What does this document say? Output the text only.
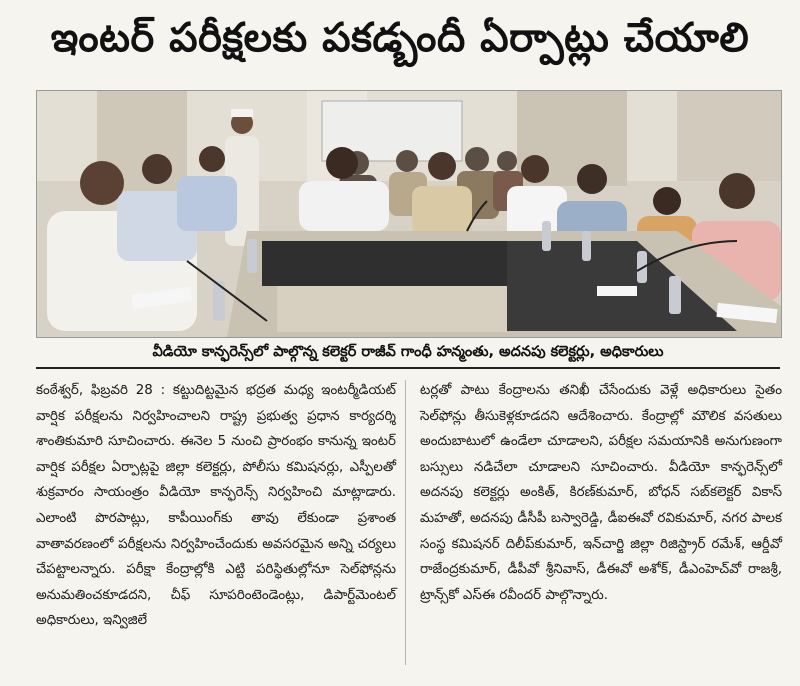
ఇంటర్ పరీక్షలకు పకడ్బందీ ఏర్పాట్లు చేయాలి
వీడియో కాన్ఫరెన్స్‌లో పాల్గొన్న కలెక్టర్ రాజీవ్ గాంధీ హన్మంతు, అదనపు కలెక్టర్లు, అధికారులు

కంఠేశ్వర్, ఫిబ్రవరి 28 : కట్టుదిట్టమైన భద్రత మధ్య ఇంటర్మీడియట్ వార్షిక పరీక్షలను నిర్వహించాలని రాష్ట్ర ప్రభుత్వ ప్రధాన కార్యదర్శి శాంతికుమారి సూచించారు. ఈనెల 5 నుంచి ప్రారంభం కానున్న ఇంటర్ వార్షిక పరీక్షల ఏర్పాట్లపై జిల్లా కలెక్టర్లు, పోలీసు కమిషనర్లు, ఎస్పీలతో శుక్రవారం సాయంత్రం వీడియో కాన్ఫరెన్స్ నిర్వహించి మాట్లాడారు. ఎలాంటి పొరపాట్లు, కాపీయింగ్‌కు తావు లేకుండా ప్రశాంత వాతావరణంలో పరీక్షలను నిర్వహించేందుకు అవసరమైన అన్ని చర్యలు చేపట్టాలన్నారు. పరీక్షా కేంద్రాల్లోకి ఎట్టి పరిస్థితుల్లోనూ సెల్‌ఫోన్లను అనుమతించకూడదని, చీఫ్ సూపరింటెండెంట్లు, డిపార్ట్‌మెంటల్ అధికారులు, ఇన్విజిలే

టర్లతో పాటు కేంద్రాలను తనిఖీ చేసేందుకు వెళ్లే అధికారులు సైతం సెల్‌ఫోన్లు తీసుకెళ్లకూడదని ఆదేశించారు. కేంద్రాల్లో మౌలిక వసతులు అందుబాటులో ఉండేలా చూడాలని, పరీక్షల సమయానికి అనుగుణంగా బస్సులు నడిచేలా చూడాలని సూచించారు. వీడియో కాన్ఫరెన్స్‌లో అదనపు కలెక్టర్లు అంకిత్, కిరణ్‌కుమార్, బోధన్ సబ్‌కలెక్టర్ వికాస్ మహతో, అదనపు డీసీపీ బస్వారెడ్డి, డీఐఈవో రవికుమార్, నగర పాలక సంస్థ కమిషనర్ దిలీప్‌కుమార్, ఇన్‌చార్జి జిల్లా రిజిస్ట్రార్ రమేశ్, ఆర్డీవో రాజేంద్రకుమార్, డీపీవో శ్రీనివాస్, డీఈవో అశోక్, డీఎంహెచ్‌వో రాజశ్రీ, ట్రాన్స్‌కో ఎస్ఈ రవీందర్ పాల్గొన్నారు.
